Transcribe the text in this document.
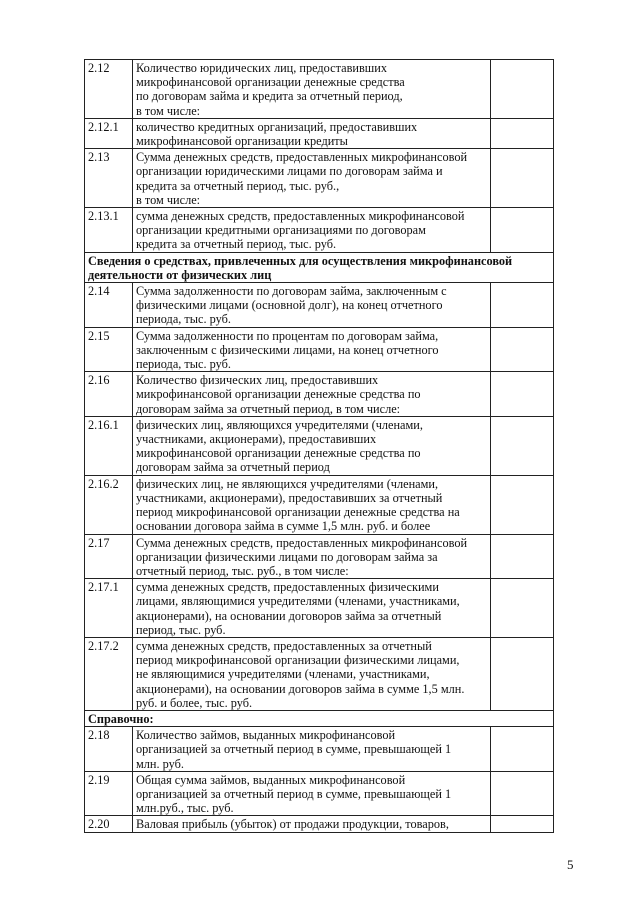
2.12	Количество юридических лиц, предоставивших
микрофинансовой организации денежные средства
по договорам займа и кредита за отчетный период,
в том числе:	
2.12.1	количество кредитных организаций, предоставивших
микрофинансовой организации кредиты	
2.13	Сумма денежных средств, предоставленных микрофинансовой
организации юридическими лицами по договорам займа и
кредита за отчетный период, тыс. руб.,
в том числе:	
2.13.1	сумма денежных средств, предоставленных микрофинансовой
организации кредитными организациями по договорам
кредита за отчетный период, тыс. руб.	
Сведения о средствах, привлеченных для осуществления микрофинансовой
деятельности от физических лиц		
2.14	Сумма задолженности по договорам займа, заключенным с
физическими лицами (основной долг), на конец отчетного
периода, тыс. руб.	
2.15	Сумма задолженности по процентам по договорам займа,
заключенным с физическими лицами, на конец отчетного
периода, тыс. руб.	
2.16	Количество физических лиц, предоставивших
микрофинансовой организации денежные средства по
договорам займа за отчетный период, в том числе:	
2.16.1	физических лиц, являющихся учредителями (членами,
участниками, акционерами), предоставивших
микрофинансовой организации денежные средства по
договорам займа за отчетный период	
2.16.2	физических лиц, не являющихся учредителями (членами,
участниками, акционерами), предоставивших за отчетный
период микрофинансовой организации денежные средства на
основании договора займа в сумме 1,5 млн. руб. и более	
2.17	Сумма денежных средств, предоставленных микрофинансовой
организации физическими лицами по договорам займа за
отчетный период, тыс. руб., в том числе:	
2.17.1	сумма денежных средств, предоставленных физическими
лицами, являющимися учредителями (членами, участниками,
акционерами), на основании договоров займа за отчетный
период, тыс. руб.	
2.17.2	сумма денежных средств, предоставленных за отчетный
период микрофинансовой организации физическими лицами,
не являющимися учредителями (членами, участниками,
акционерами), на основании договоров займа в сумме 1,5 млн.
руб. и более, тыс. руб.	
Справочно:		
2.18	Количество займов, выданных микрофинансовой
организацией за отчетный период в сумме, превышающей 1
млн. руб.	
2.19	Общая сумма займов, выданных микрофинансовой
организацией за отчетный период в сумме, превышающей 1
млн.руб., тыс. руб.	
2.20	Валовая прибыль (убыток) от продажи продукции, товаров,	
5
